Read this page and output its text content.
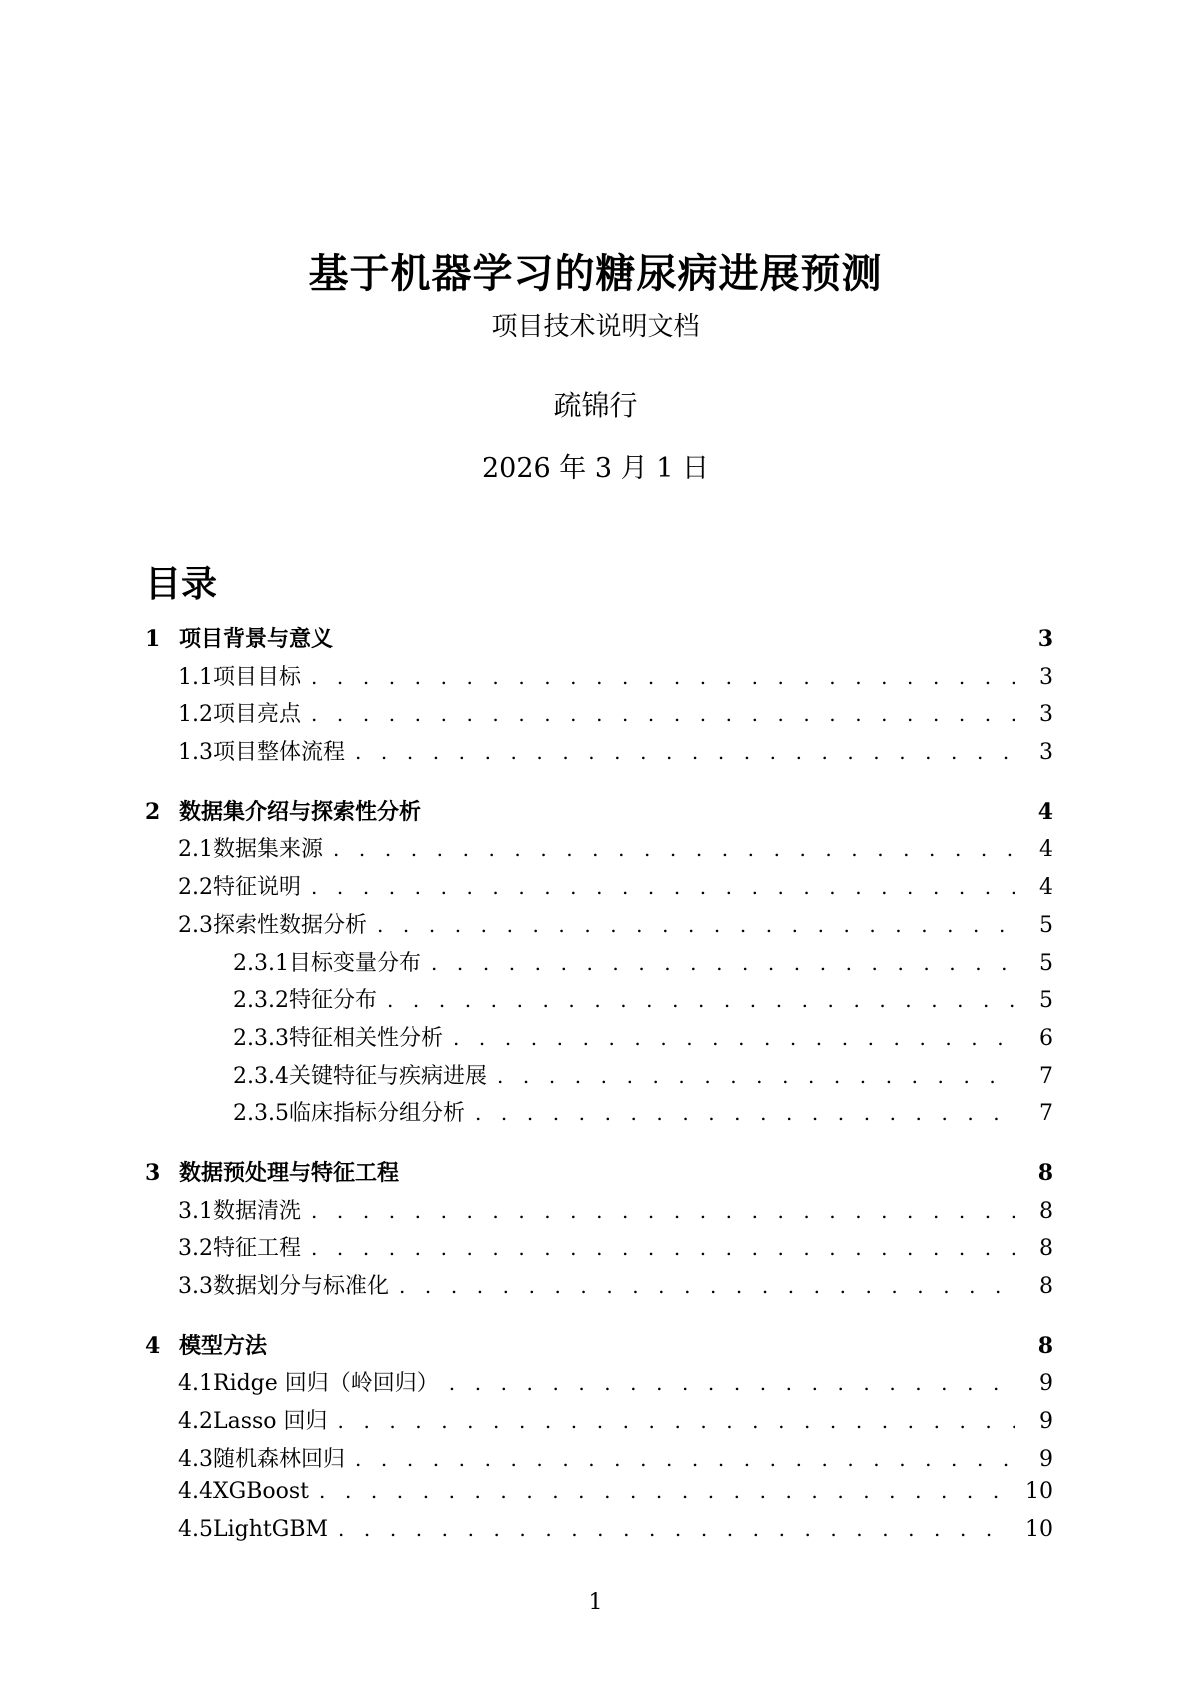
基于机器学习的糖尿病进展预测
项目技术说明文档
疏锦行
2026 年 3 月 1 日
目录
1 项目背景与意义	3
1.1 项目目标 . . .	3
1.2 项目亮点 . . .	3
1.3 项目整体流程 . . .	3
2 数据集介绍与探索性分析	4
2.1 数据集来源 . . .	4
2.2 特征说明 . . .	4
2.3 探索性数据分析 . . .	5
2.3.1 目标变量分布 . . .	5
2.3.2 特征分布 . . .	5
2.3.3 特征相关性分析 . . .	6
2.3.4 关键特征与疾病进展 . . .	7
2.3.5 临床指标分组分析 . . .	7
3 数据预处理与特征工程	8
3.1 数据清洗 . . .	8
3.2 特征工程 . . .	8
3.3 数据划分与标准化 . . .	8
4 模型方法	8
4.1 Ridge 回归（岭回归） . . .	9
4.2 Lasso 回归 . . .	9
4.3 随机森林回归 . . .	9
4.4 XGBoost . . .	10
4.5 LightGBM . . .	10
1
